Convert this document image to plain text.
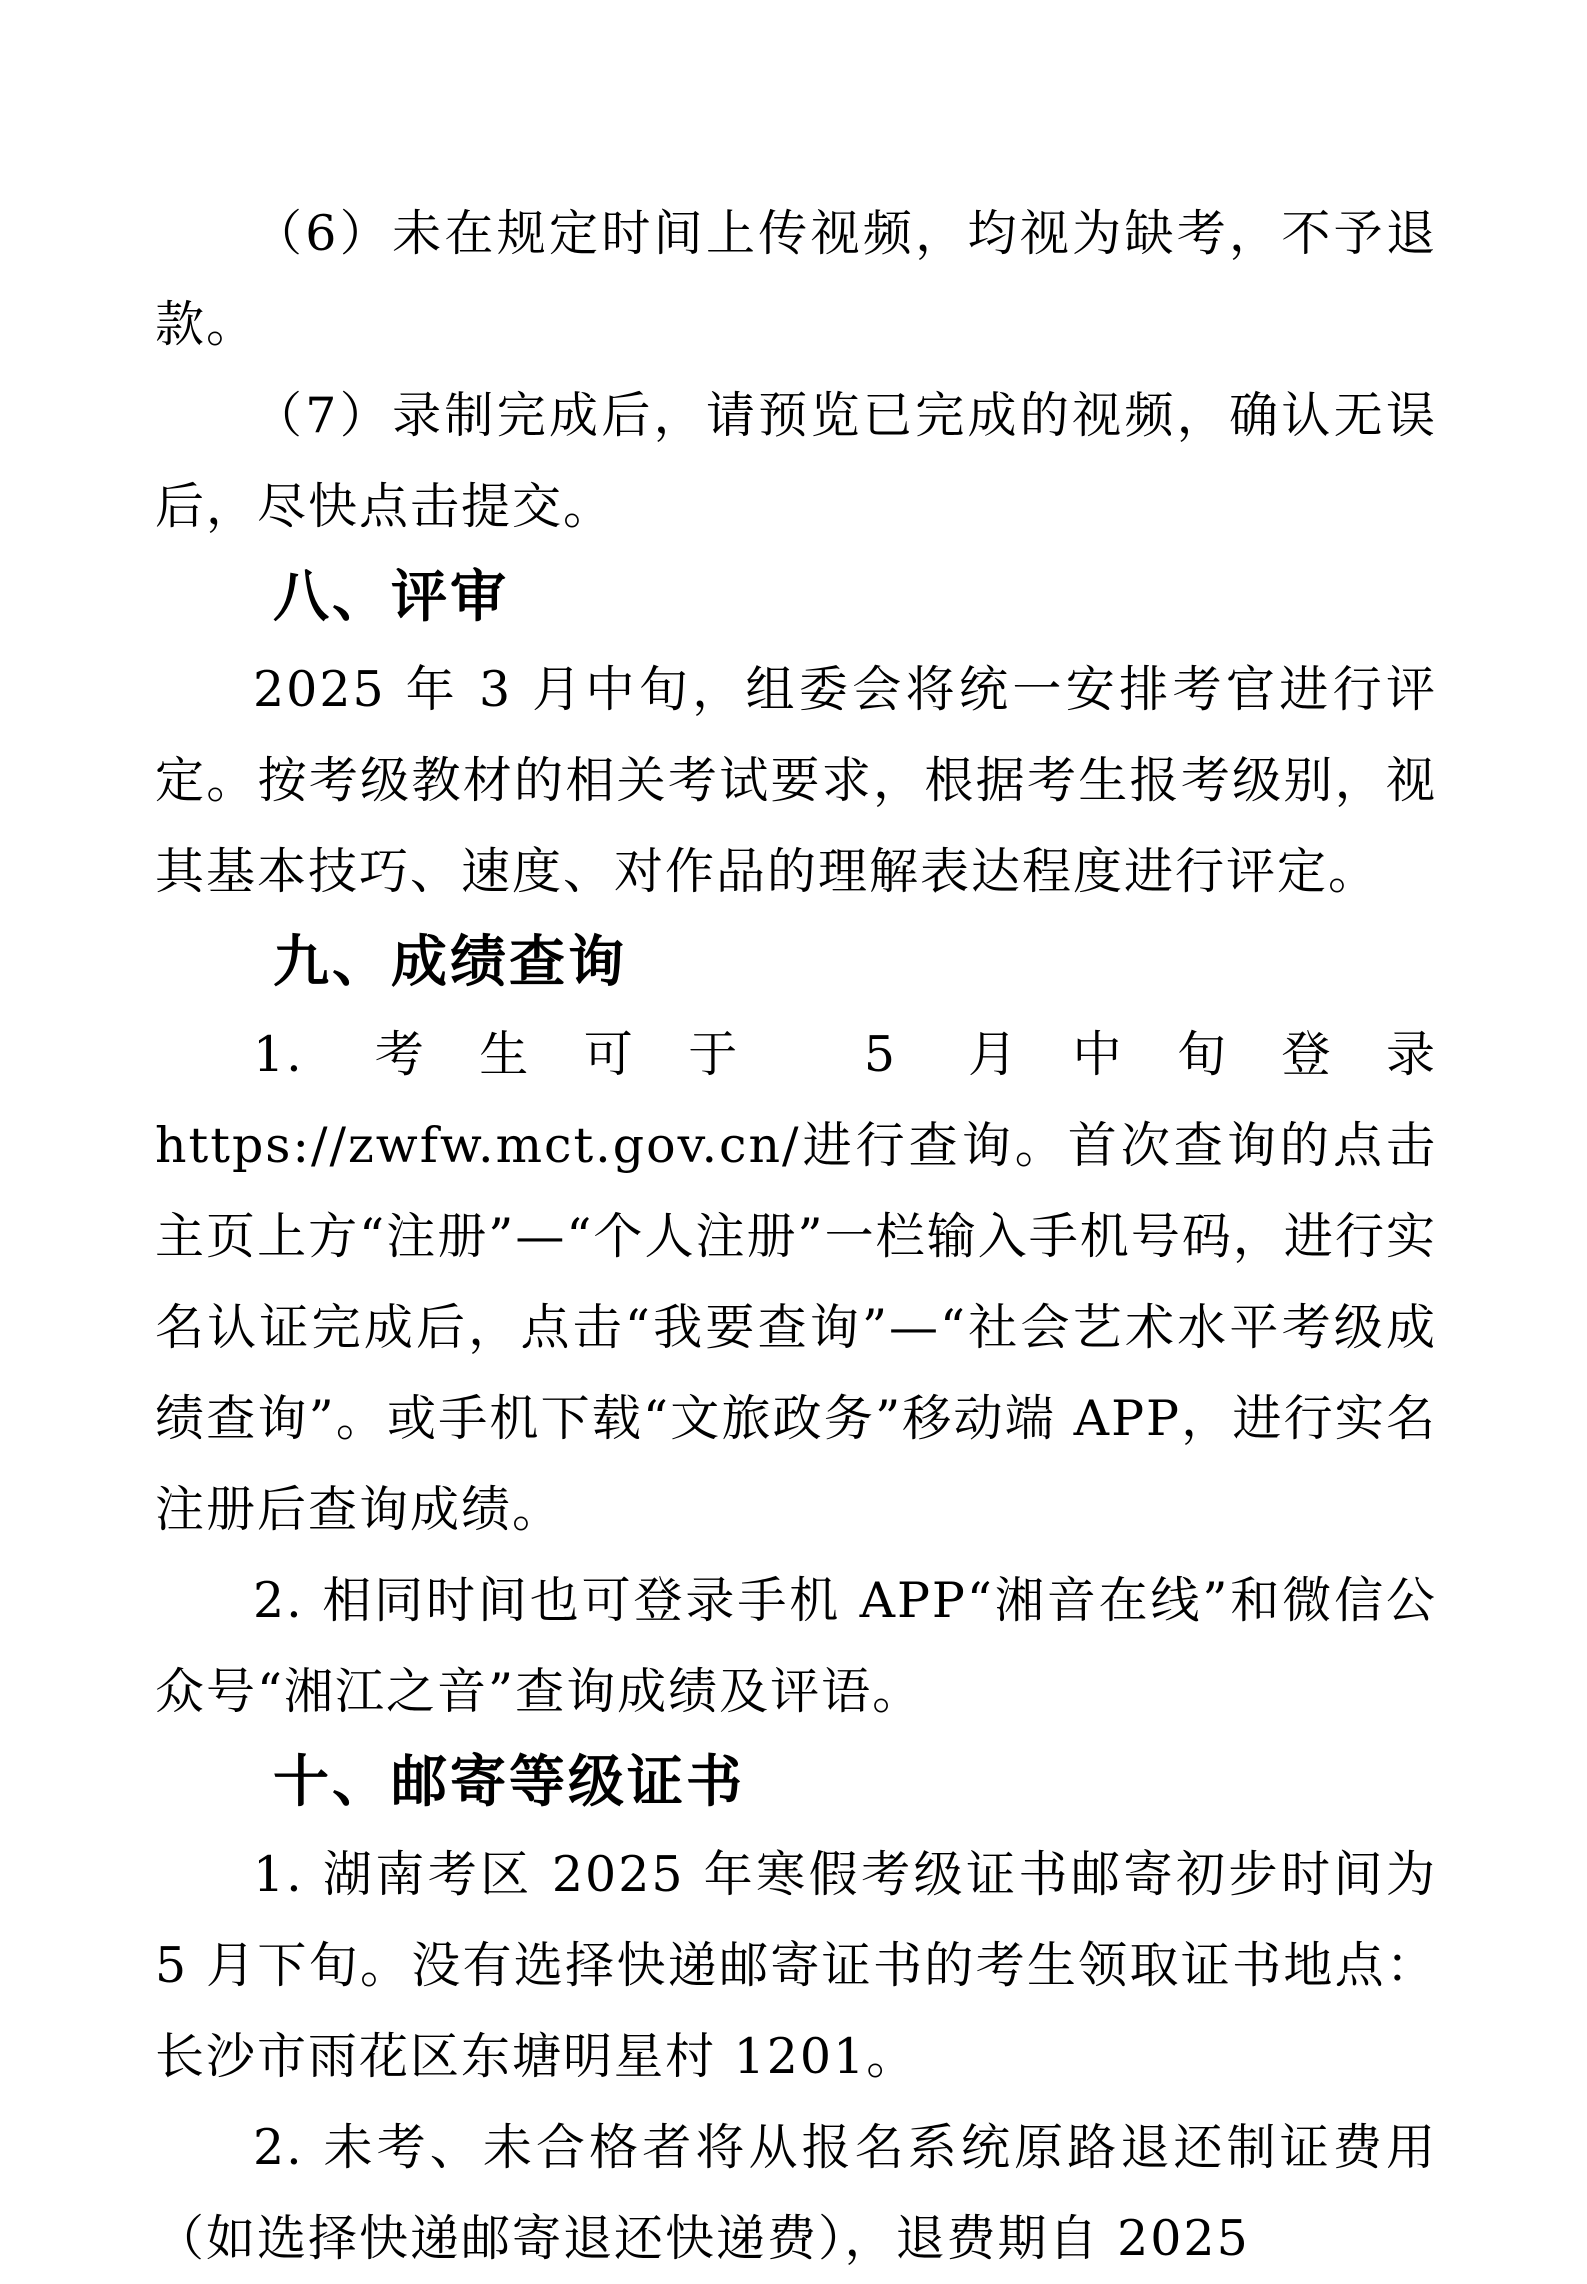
（6）未在规定时间上传视频，均视为缺考，不予退款。

（7）录制完成后，请预览已完成的视频，确认无误后，尽快点击提交。

八、评审

2025 年 3 月中旬，组委会将统一安排考官进行评定。按考级教材的相关考试要求，根据考生报考级别，视其基本技巧、速度、对作品的理解表达程度进行评定。

九、成绩查询

1. 考生可于 5 月中旬登录 https://zwfw.mct.gov.cn/进行查询。首次查询的点击主页上方“注册”—“个人注册”一栏输入手机号码，进行实名认证完成后，点击“我要查询”—“社会艺术水平考级成绩查询”。或手机下载“文旅政务”移动端 APP，进行实名注册后查询成绩。

2. 相同时间也可登录手机 APP“湘音在线”和微信公众号“湘江之音”查询成绩及评语。

十、邮寄等级证书

1. 湖南考区 2025 年寒假考级证书邮寄初步时间为 5 月下旬。没有选择快递邮寄证书的考生领取证书地点：长沙市雨花区东塘明星村 1201。

2. 未考、未合格者将从报名系统原路退还制证费用（如选择快递邮寄退还快递费），退费期自 2025
